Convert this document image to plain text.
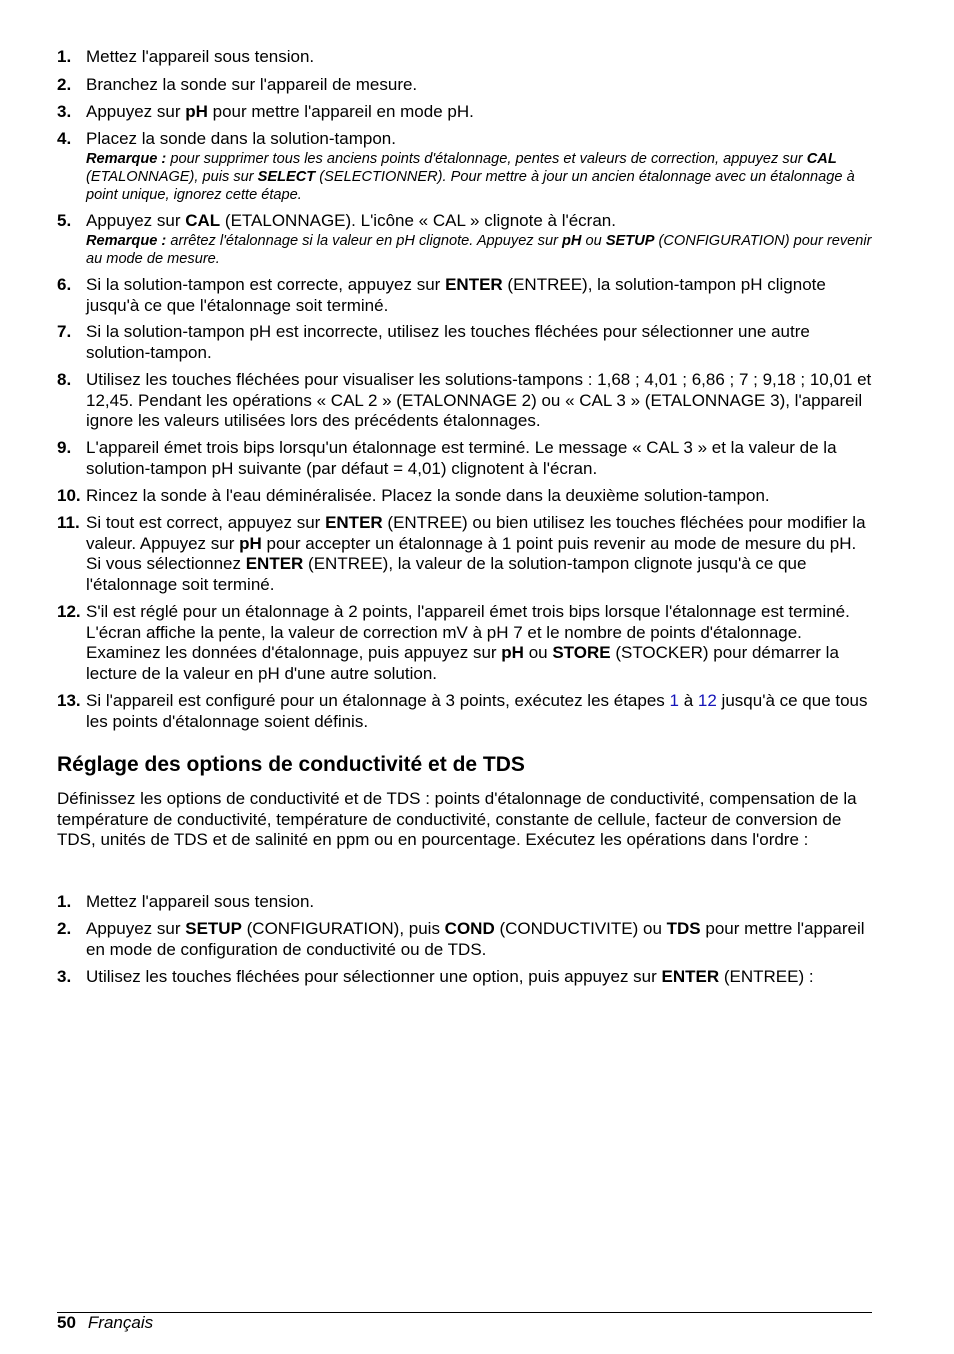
1. Mettez l'appareil sous tension.
2. Branchez la sonde sur l'appareil de mesure.
3. Appuyez sur pH pour mettre l'appareil en mode pH.
4. Placez la sonde dans la solution-tampon.
Remarque : pour supprimer tous les anciens points d'étalonnage, pentes et valeurs de correction, appuyez sur CAL (ETALONNAGE), puis sur SELECT (SELECTIONNER). Pour mettre à jour un ancien étalonnage avec un étalonnage à point unique, ignorez cette étape.
5. Appuyez sur CAL (ETALONNAGE). L'icône « CAL » clignote à l'écran.
Remarque : arrêtez l'étalonnage si la valeur en pH clignote. Appuyez sur pH ou SETUP (CONFIGURATION) pour revenir au mode de mesure.
6. Si la solution-tampon est correcte, appuyez sur ENTER (ENTREE), la solution-tampon pH clignote jusqu'à ce que l'étalonnage soit terminé.
7. Si la solution-tampon pH est incorrecte, utilisez les touches fléchées pour sélectionner une autre solution-tampon.
8. Utilisez les touches fléchées pour visualiser les solutions-tampons : 1,68 ; 4,01 ; 6,86 ; 7 ; 9,18 ; 10,01 et 12,45. Pendant les opérations « CAL 2 » (ETALONNAGE 2) ou « CAL 3 » (ETALONNAGE 3), l'appareil ignore les valeurs utilisées lors des précédents étalonnages.
9. L'appareil émet trois bips lorsqu'un étalonnage est terminé. Le message « CAL 3 » et la valeur de la solution-tampon pH suivante (par défaut = 4,01) clignotent à l'écran.
10. Rincez la sonde à l'eau déminéralisée. Placez la sonde dans la deuxième solution-tampon.
11. Si tout est correct, appuyez sur ENTER (ENTREE) ou bien utilisez les touches fléchées pour modifier la valeur. Appuyez sur pH pour accepter un étalonnage à 1 point puis revenir au mode de mesure du pH. Si vous sélectionnez ENTER (ENTREE), la valeur de la solution-tampon clignote jusqu'à ce que l'étalonnage soit terminé.
12. S'il est réglé pour un étalonnage à 2 points, l'appareil émet trois bips lorsque l'étalonnage est terminé. L'écran affiche la pente, la valeur de correction mV à pH 7 et le nombre de points d'étalonnage. Examinez les données d'étalonnage, puis appuyez sur pH ou STORE (STOCKER) pour démarrer la lecture de la valeur en pH d'une autre solution.
13. Si l'appareil est configuré pour un étalonnage à 3 points, exécutez les étapes 1 à 12 jusqu'à ce que tous les points d'étalonnage soient définis.
Réglage des options de conductivité et de TDS

Définissez les options de conductivité et de TDS : points d'étalonnage de conductivité, compensation de la température de conductivité, température de conductivité, constante de cellule, facteur de conversion de TDS, unités de TDS et de salinité en ppm ou en pourcentage. Exécutez les opérations dans l'ordre :

1. Mettez l'appareil sous tension.
2. Appuyez sur SETUP (CONFIGURATION), puis COND (CONDUCTIVITE) ou TDS pour mettre l'appareil en mode de configuration de conductivité ou de TDS.
3. Utilisez les touches fléchées pour sélectionner une option, puis appuyez sur ENTER (ENTREE) :
50 Français
